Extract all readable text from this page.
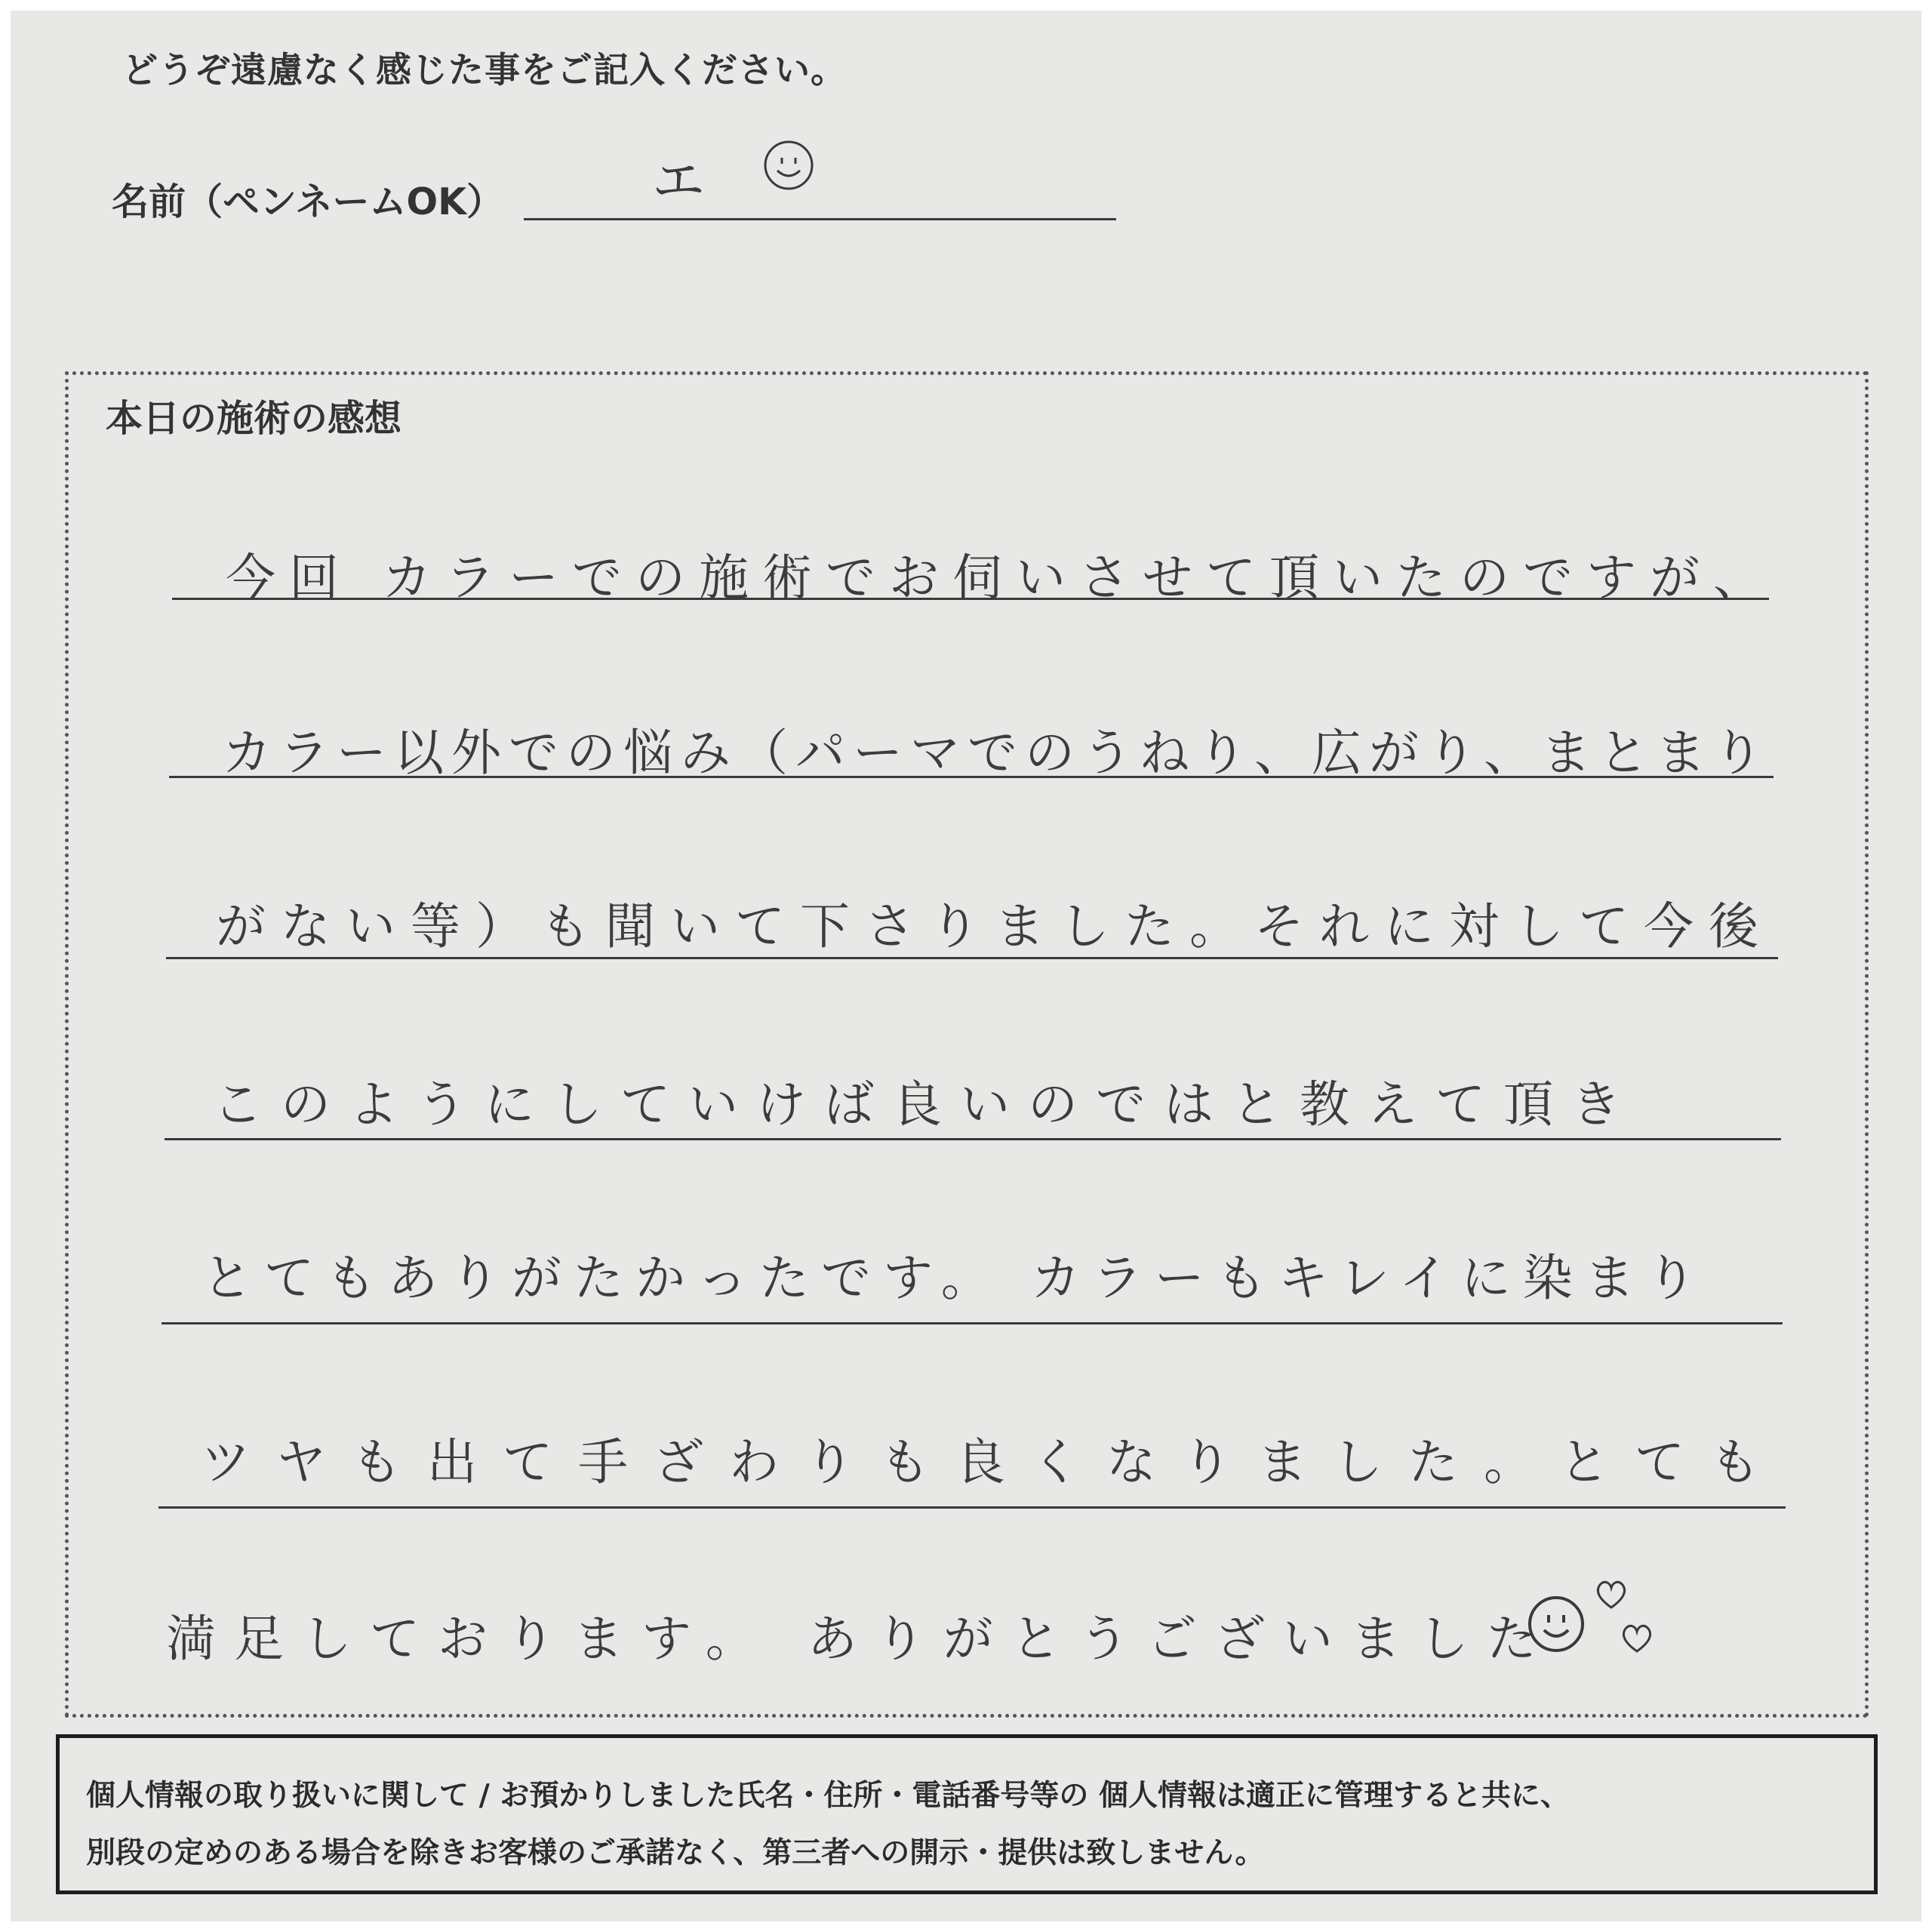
どうぞ遠慮なく感じた事をご記入ください。
名前（ペンネームOK）	エ
本日の施術の感想
今回 カラーでの施術でお伺いさせて頂いたのですが、
カラー以外での悩み（パーマでのうねり、広がり、まとまり
がない等）も聞いて下さりました。それに対して今後
このようにしていけば良いのではと教えて頂き
とてもありがたかったです。 カラーもキレイに染まり
ツヤも出て手ざわりも良くなりました。とても
満足しております。 ありがとうございました
個人情報の取り扱いに関して / お預かりしました氏名・住所・電話番号等の 個人情報は適正に管理すると共に、
別段の定めのある場合を除きお客様のご承諾なく、第三者への開示・提供は致しません。
